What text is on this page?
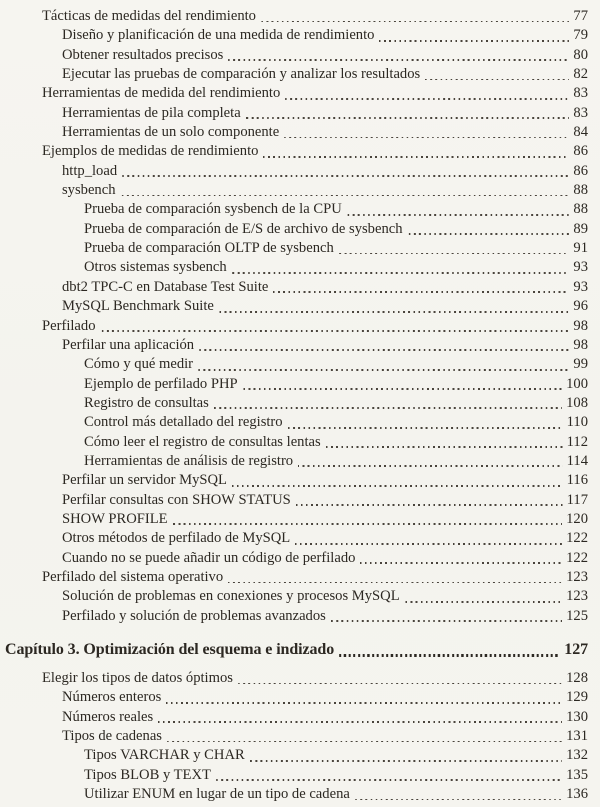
Tácticas de medidas del rendimiento	77
Diseño y planificación de una medida de rendimiento	79
Obtener resultados precisos	80
Ejecutar las pruebas de comparación y analizar los resultados	82
Herramientas de medida del rendimiento	83
Herramientas de pila completa	83
Herramientas de un solo componente	84
Ejemplos de medidas de rendimiento	86
http_load	86
sysbench	88
Prueba de comparación sysbench de la CPU	88
Prueba de comparación de E/S de archivo de sysbench	89
Prueba de comparación OLTP de sysbench	91
Otros sistemas sysbench	93
dbt2 TPC-C en Database Test Suite	93
MySQL Benchmark Suite	96
Perfilado	98
Perfilar una aplicación	98
Cómo y qué medir	99
Ejemplo de perfilado PHP	100
Registro de consultas	108
Control más detallado del registro	110
Cómo leer el registro de consultas lentas	112
Herramientas de análisis de registro	114
Perfilar un servidor MySQL	116
Perfilar consultas con SHOW STATUS	117
SHOW PROFILE	120
Otros métodos de perfilado de MySQL	122
Cuando no se puede añadir un código de perfilado	122
Perfilado del sistema operativo	123
Solución de problemas en conexiones y procesos MySQL	123
Perfilado y solución de problemas avanzados	125
Capítulo 3. Optimización del esquema e indizado	127
Elegir los tipos de datos óptimos	128
Números enteros	129
Números reales	130
Tipos de cadenas	131
Tipos VARCHAR y CHAR	132
Tipos BLOB y TEXT	135
Utilizar ENUM en lugar de un tipo de cadena	136
